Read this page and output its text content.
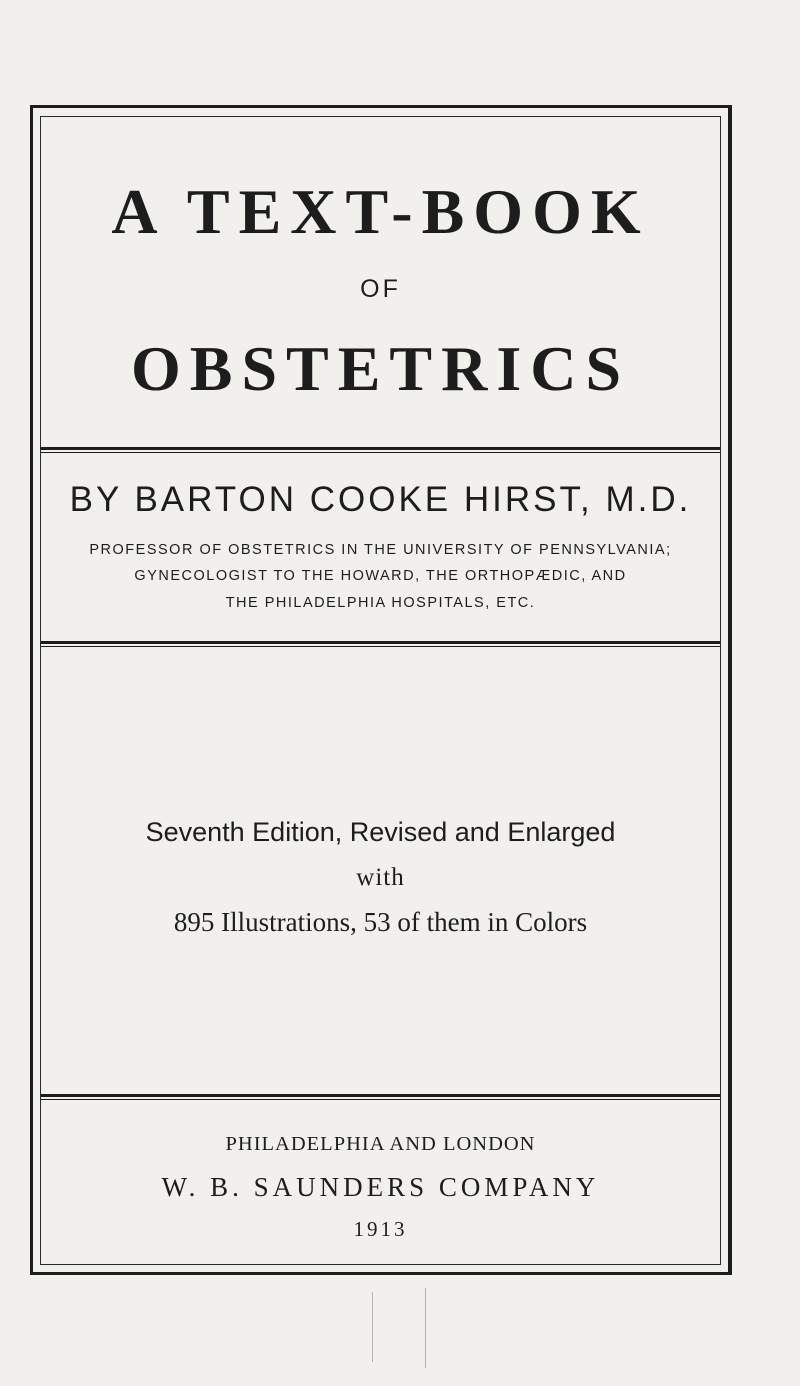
A TEXT-BOOK
OF
OBSTETRICS
BY BARTON COOKE HIRST, M.D.
PROFESSOR OF OBSTETRICS IN THE UNIVERSITY OF PENNSYLVANIA;
GYNECOLOGIST TO THE HOWARD, THE ORTHOPÆDIC, AND
THE PHILADELPHIA HOSPITALS, ETC.
Seventh Edition, Revised and Enlarged
with
895 Illustrations, 53 of them in Colors
PHILADELPHIA AND LONDON
W. B. SAUNDERS COMPANY
1913
